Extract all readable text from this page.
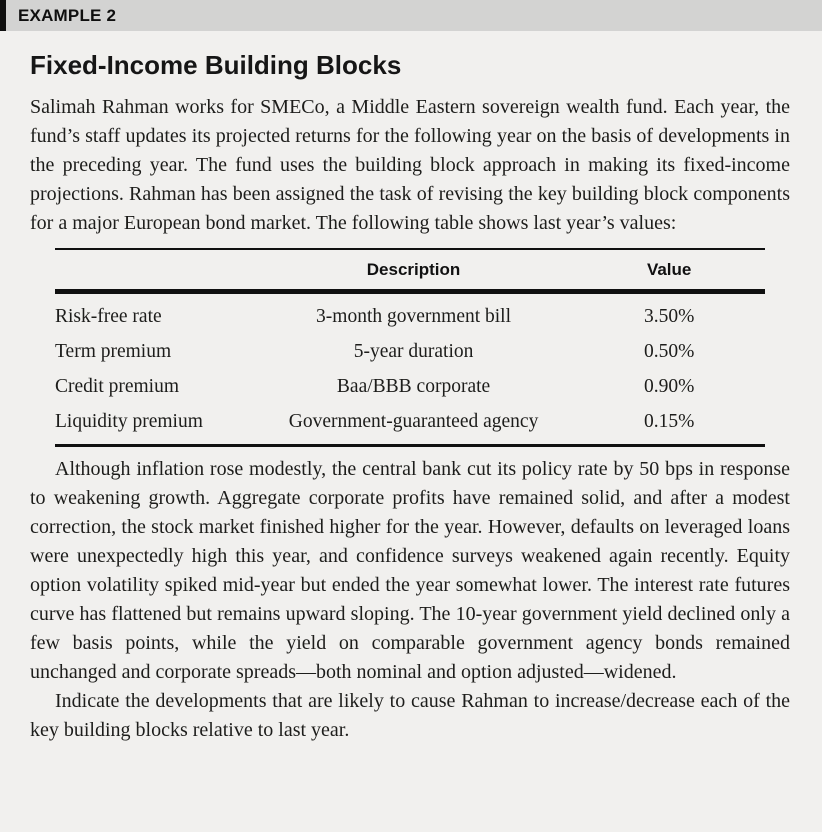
EXAMPLE 2
Fixed-Income Building Blocks

Salimah Rahman works for SMECo, a Middle Eastern sovereign wealth fund. Each year, the fund’s staff updates its projected returns for the following year on the basis of developments in the preceding year. The fund uses the building block approach in making its fixed-income projections. Rahman has been assigned the task of revising the key building block components for a major European bond market. The following table shows last year’s values:

	Description	Value
Risk-free rate	3-month government bill	3.50%
Term premium	5-year duration	0.50%
Credit premium	Baa/BBB corporate	0.90%
Liquidity premium	Government-guaranteed agency	0.15%

Although inflation rose modestly, the central bank cut its policy rate by 50 bps in response to weakening growth. Aggregate corporate profits have remained solid, and after a modest correction, the stock market finished higher for the year. However, defaults on leveraged loans were unexpectedly high this year, and confidence surveys weakened again recently. Equity option volatility spiked mid-year but ended the year somewhat lower. The interest rate futures curve has flattened but remains upward sloping. The 10-year government yield declined only a few basis points, while the yield on comparable government agency bonds remained unchanged and corporate spreads—both nominal and option adjusted—widened.

Indicate the developments that are likely to cause Rahman to increase/decrease each of the key building blocks relative to last year.
